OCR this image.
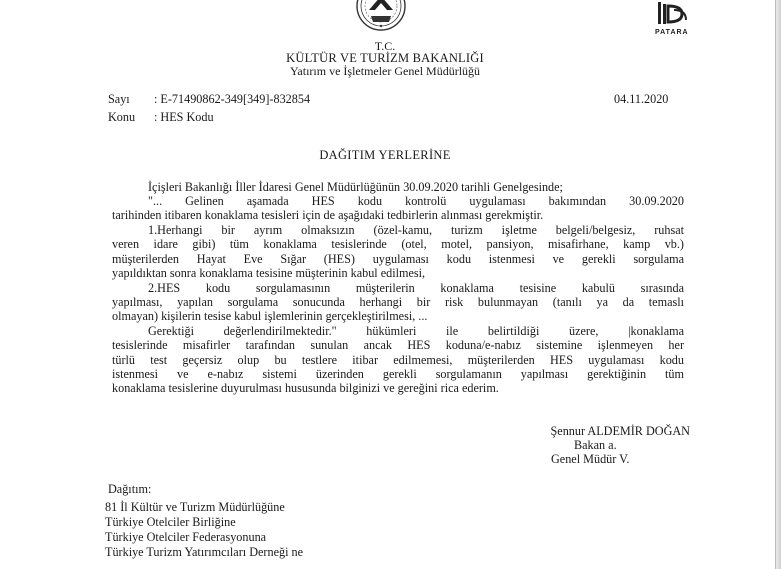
PATARA
T.C.
KÜLTÜR VE TURİZM BAKANLIĞI
Yatırım ve İşletmeler Genel Müdürlüğü
Sayı : E-71490862-349[349]-832854	04.11.2020
Konu : HES Kodu
DAĞITIM YERLERİNE
İçişleri Bakanlığı İller İdaresi Genel Müdürlüğünün 30.09.2020 tarihli Genelgesinde;
"... Gelinen aşamada HES kodu kontrolü uygulaması bakımından 30.09.2020
tarihinden itibaren konaklama tesisleri için de aşağıdaki tedbirlerin alınması gerekmiştir.
1.Herhangi bir ayrım olmaksızın (özel-kamu, turizm işletme belgeli/belgesiz, ruhsat
veren idare gibi) tüm konaklama tesislerinde (otel, motel, pansiyon, misafirhane, kamp vb.)
müşterilerden Hayat Eve Sığar (HES) uygulaması kodu istenmesi ve gerekli sorgulama
yapıldıktan sonra konaklama tesisine müşterinin kabul edilmesi,
2.HES kodu sorgulamasının müşterilerin konaklama tesisine kabulü sırasında
yapılması, yapılan sorgulama sonucunda herhangi bir risk bulunmayan (tanılı ya da temaslı
olmayan) kişilerin tesise kabul işlemlerinin gerçekleştirilmesi, ...
Gerektiği değerlendirilmektedir." hükümleri ile belirtildiği üzere, |konaklama
tesislerinde misafirler tarafından sunulan ancak HES koduna/e-nabız sistemine işlenmeyen her
türlü test geçersiz olup bu testlere itibar edilmemesi, müşterilerden HES uygulaması kodu
istenmesi ve e-nabız sistemi üzerinden gerekli sorgulamanın yapılması gerektiğinin tüm
konaklama tesislerine duyurulması hususunda bilginizi ve gereğini rica ederim.
Şennur ALDEMİR DOĞAN
Bakan a.
Genel Müdür V.
Dağıtım:
81 İl Kültür ve Turizm Müdürlüğüne
Türkiye Otelciler Birliğine
Türkiye Otelciler Federasyonuna
Türkiye Turizm Yatırımcıları Derneği ne
